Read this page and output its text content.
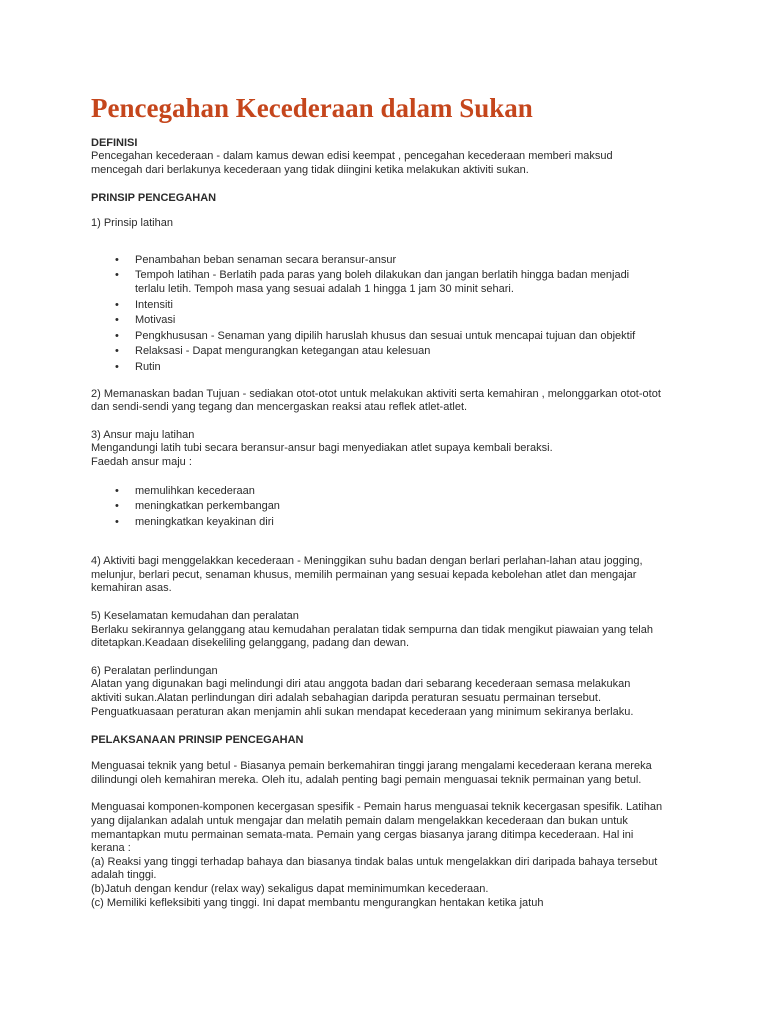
Pencegahan Kecederaan dalam Sukan

DEFINISI

Pencegahan kecederaan - dalam kamus dewan edisi keempat , pencegahan kecederaan memberi maksud
mencegah dari berlakunya kecederaan yang tidak diingini ketika melakukan aktiviti sukan.

PRINSIP PENCEGAHAN

1) Prinsip latihan

• Penambahan beban senaman secara beransur-ansur
• Tempoh latihan - Berlatih pada paras yang boleh dilakukan dan jangan berlatih hingga badan menjadi
terlalu letih. Tempoh masa yang sesuai adalah 1 hingga 1 jam 30 minit sehari.
• Intensiti
• Motivasi
• Pengkhususan - Senaman yang dipilih haruslah khusus dan sesuai untuk mencapai tujuan dan objektif
• Relaksasi - Dapat mengurangkan ketegangan atau kelesuan
• Rutin

2) Memanaskan badan Tujuan - sediakan otot-otot untuk melakukan aktiviti serta kemahiran , melonggarkan otot-otot
dan sendi-sendi yang tegang dan mencergaskan reaksi atau reflek atlet-atlet.

3) Ansur maju latihan
Mengandungi latih tubi secara beransur-ansur bagi menyediakan atlet supaya kembali beraksi.
Faedah ansur maju :

• memulihkan kecederaan
• meningkatkan perkembangan
• meningkatkan keyakinan diri

4) Aktiviti bagi menggelakkan kecederaan - Meninggikan suhu badan dengan berlari perlahan-lahan atau jogging,
melunjur, berlari pecut, senaman khusus, memilih permainan yang sesuai kepada kebolehan atlet dan mengajar
kemahiran asas.

5) Keselamatan kemudahan dan peralatan
Berlaku sekirannya gelanggang atau kemudahan peralatan tidak sempurna dan tidak mengikut piawaian yang telah
ditetapkan.Keadaan disekeliling gelanggang, padang dan dewan.

6) Peralatan perlindungan
Alatan yang digunakan bagi melindungi diri atau anggota badan dari sebarang kecederaan semasa melakukan
aktiviti sukan.Alatan perlindungan diri adalah sebahagian daripda peraturan sesuatu permainan tersebut.
Penguatkuasaan peraturan akan menjamin ahli sukan mendapat kecederaan yang minimum sekiranya berlaku.

PELAKSANAAN PRINSIP PENCEGAHAN

Menguasai teknik yang betul - Biasanya pemain berkemahiran tinggi jarang mengalami kecederaan kerana mereka
dilindungi oleh kemahiran mereka. Oleh itu, adalah penting bagi pemain menguasai teknik permainan yang betul.

Menguasai komponen-komponen kecergasan spesifik - Pemain harus menguasai teknik kecergasan spesifik. Latihan
yang dijalankan adalah untuk mengajar dan melatih pemain dalam mengelakkan kecederaan dan bukan untuk
memantapkan mutu permainan semata-mata. Pemain yang cergas biasanya jarang ditimpa kecederaan. Hal ini
kerana :
(a) Reaksi yang tinggi terhadap bahaya dan biasanya tindak balas untuk mengelakkan diri daripada bahaya tersebut
adalah tinggi.
(b)Jatuh dengan kendur (relax way) sekaligus dapat meminimumkan kecederaan.
(c) Memiliki kefleksibiti yang tinggi. Ini dapat membantu mengurangkan hentakan ketika jatuh
